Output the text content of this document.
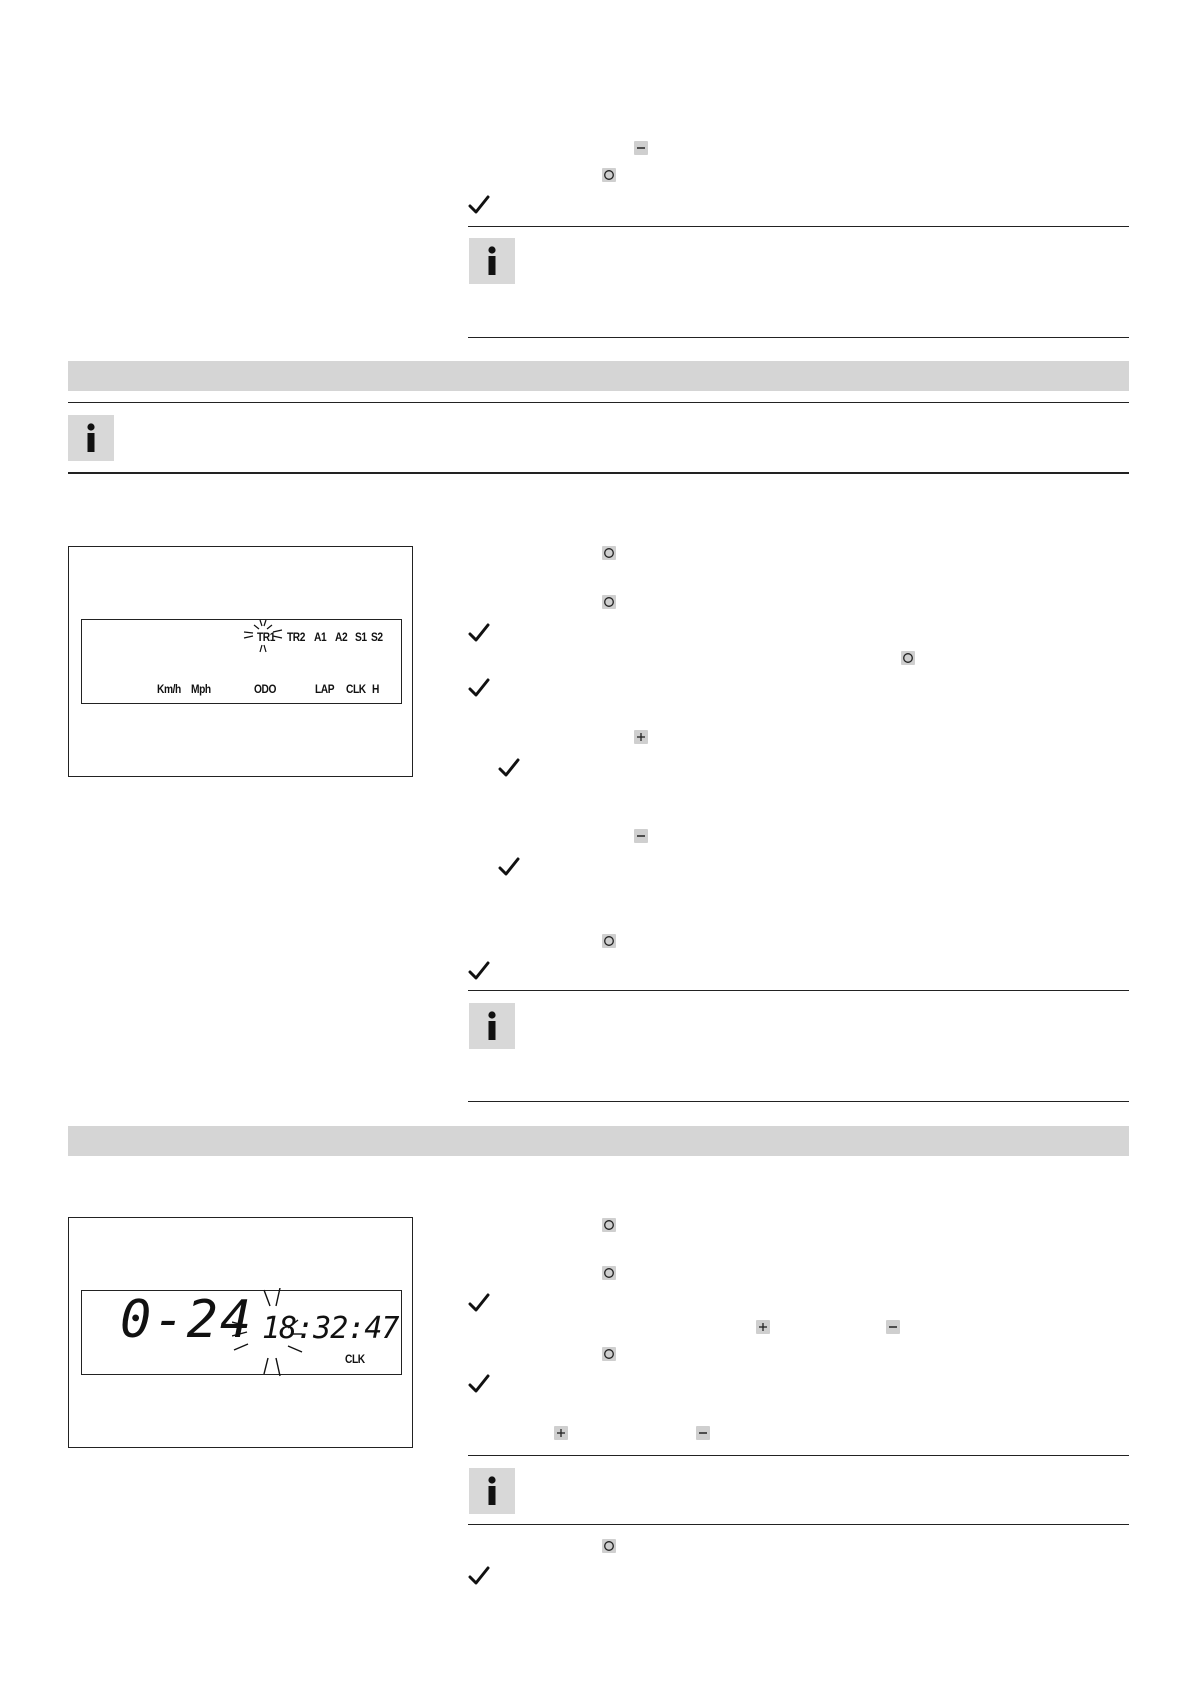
TR1 TR2 A1 A2 S1 S2
Km/h Mph	ODO	LAP CLK H
0-24 18:32:47
CLK
